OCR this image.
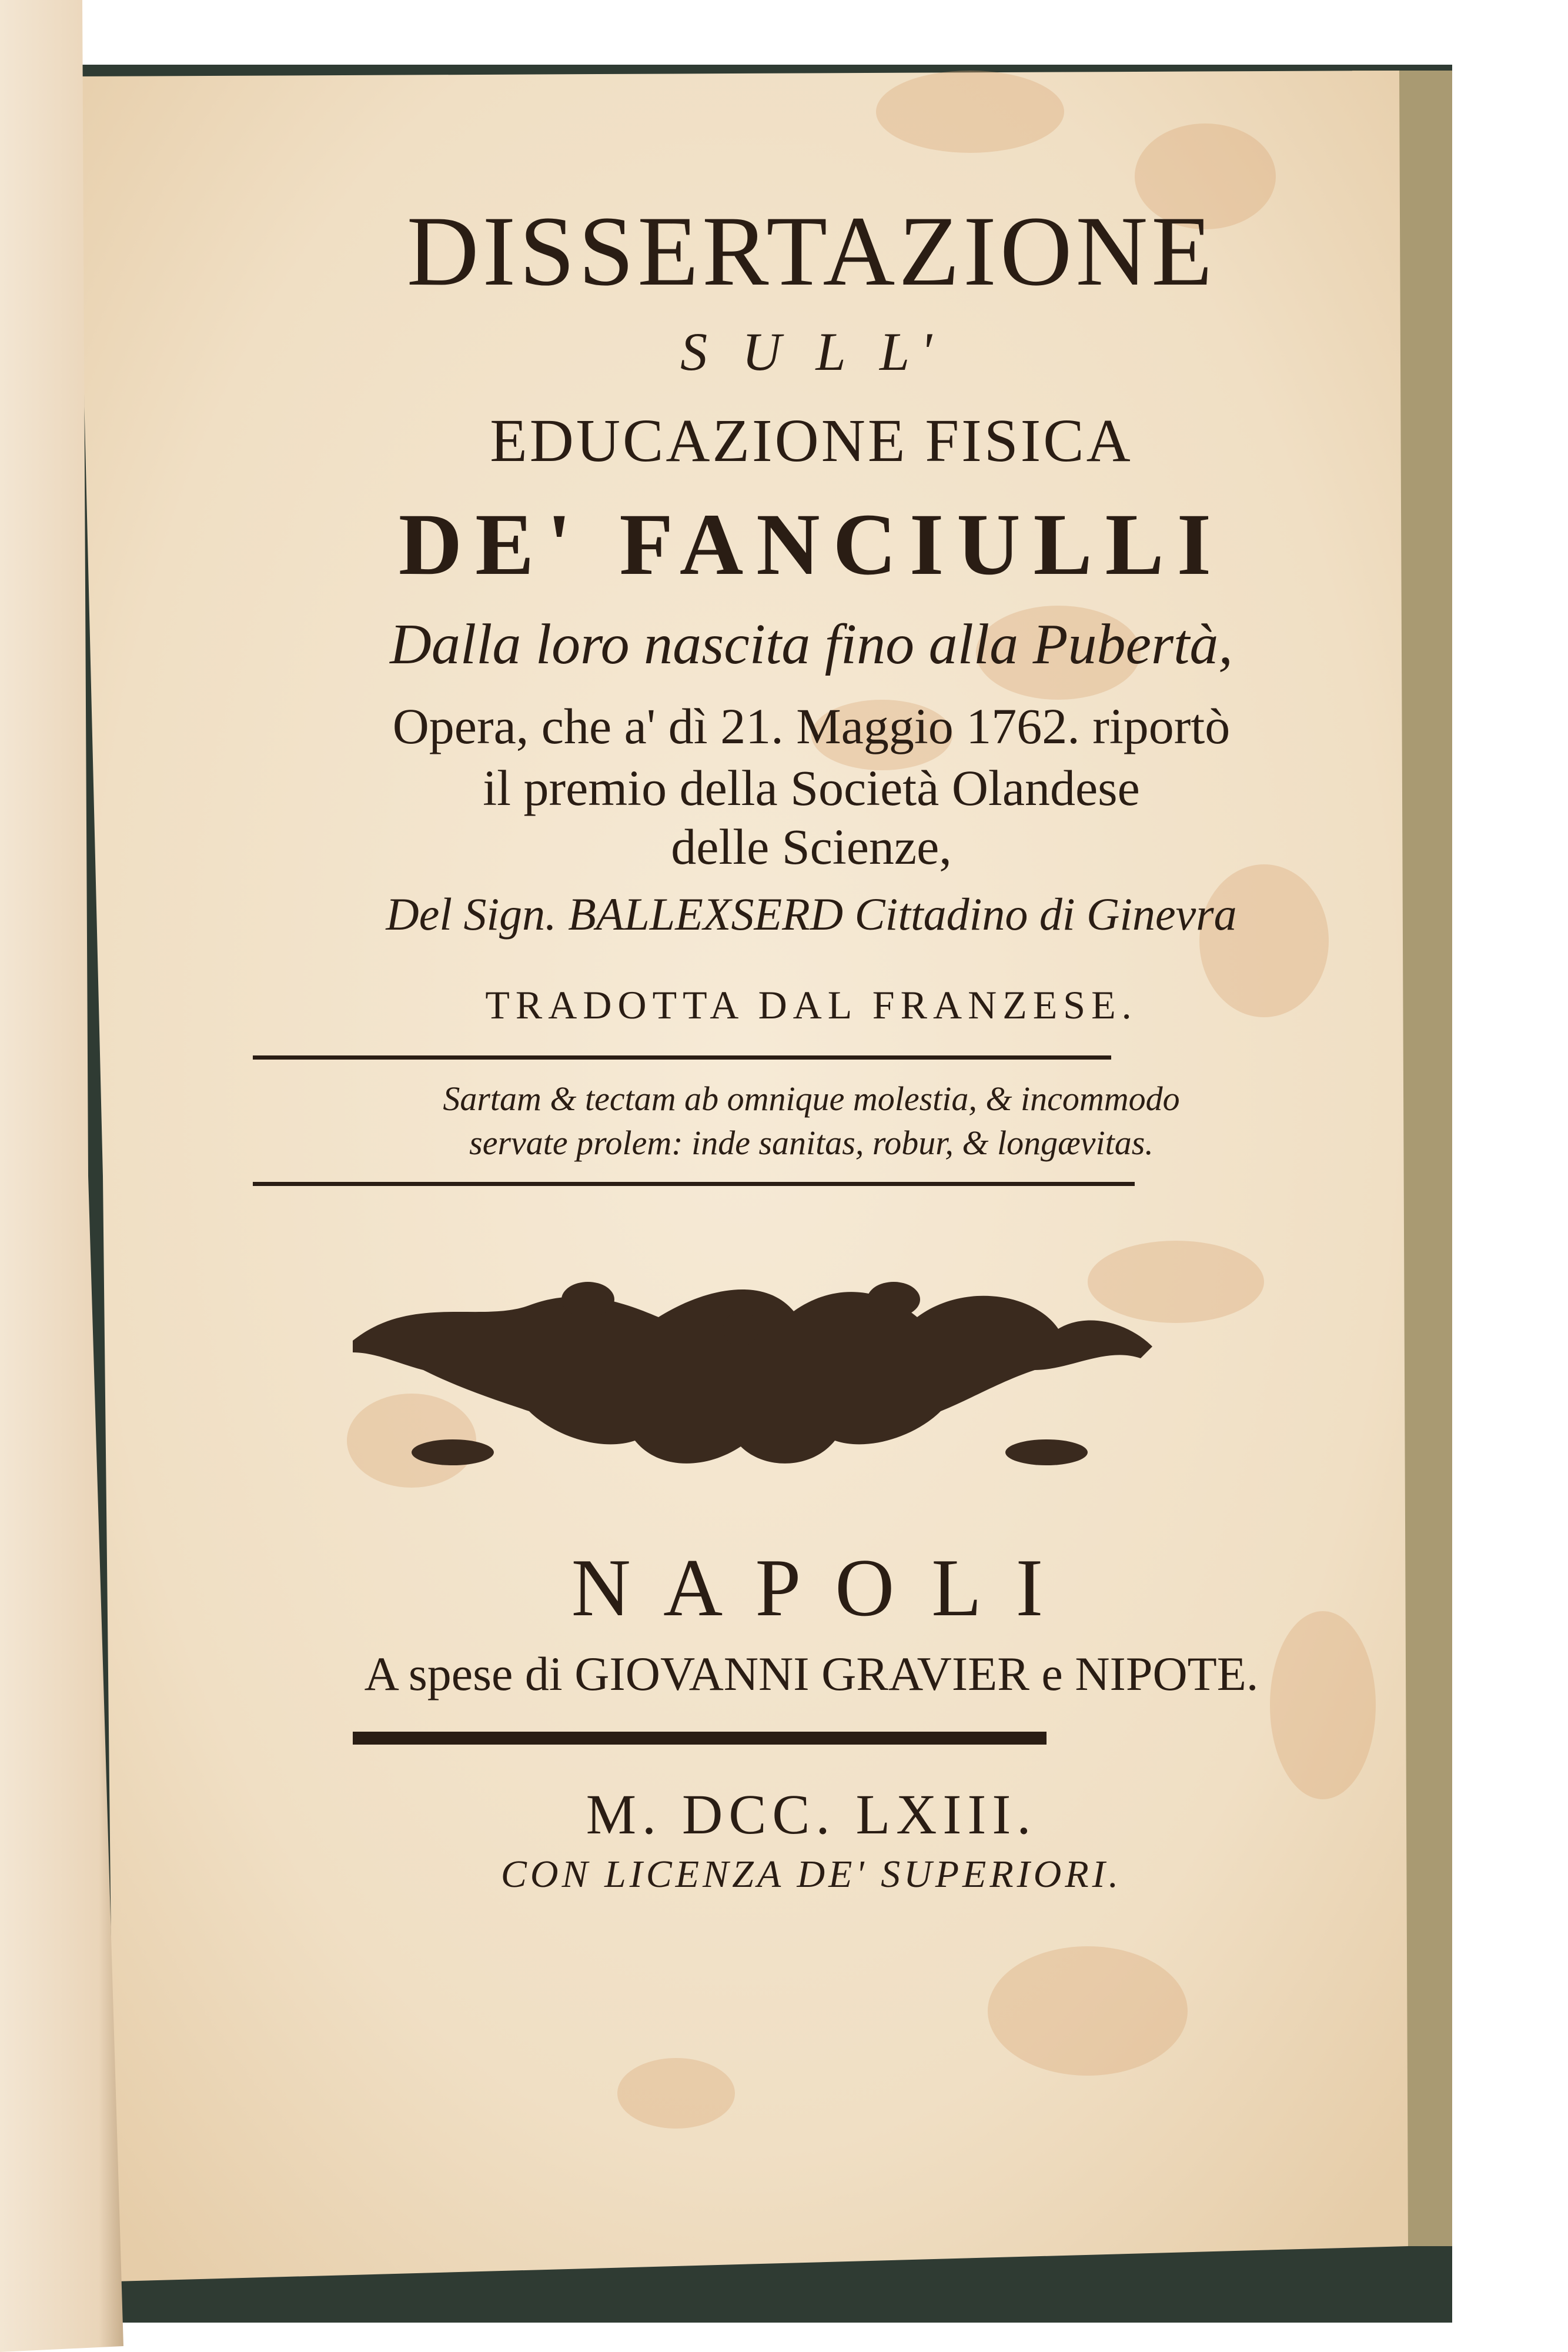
DISSERTAZIONE
S U L L'
EDUCAZIONE FISICA
DE' FANCIULLI
Dalla loro nascita fino alla Pubertà,
Opera, che a' dì 21. Maggio 1762. riportò
il premio della Società Olandese
delle Scienze,
Del Sign. BALLEXSERD Cittadino di Ginevra
TRADOTTA DAL FRANZESE.
Sartam & tectam ab omnique molestia, & incommodo
servate prolem: inde sanitas, robur, & longævitas.
N A P O L I
A spese di GIOVANNI GRAVIER e NIPOTE.
M. DCC. LXIII.
CON LICENZA DE' SUPERIORI.
